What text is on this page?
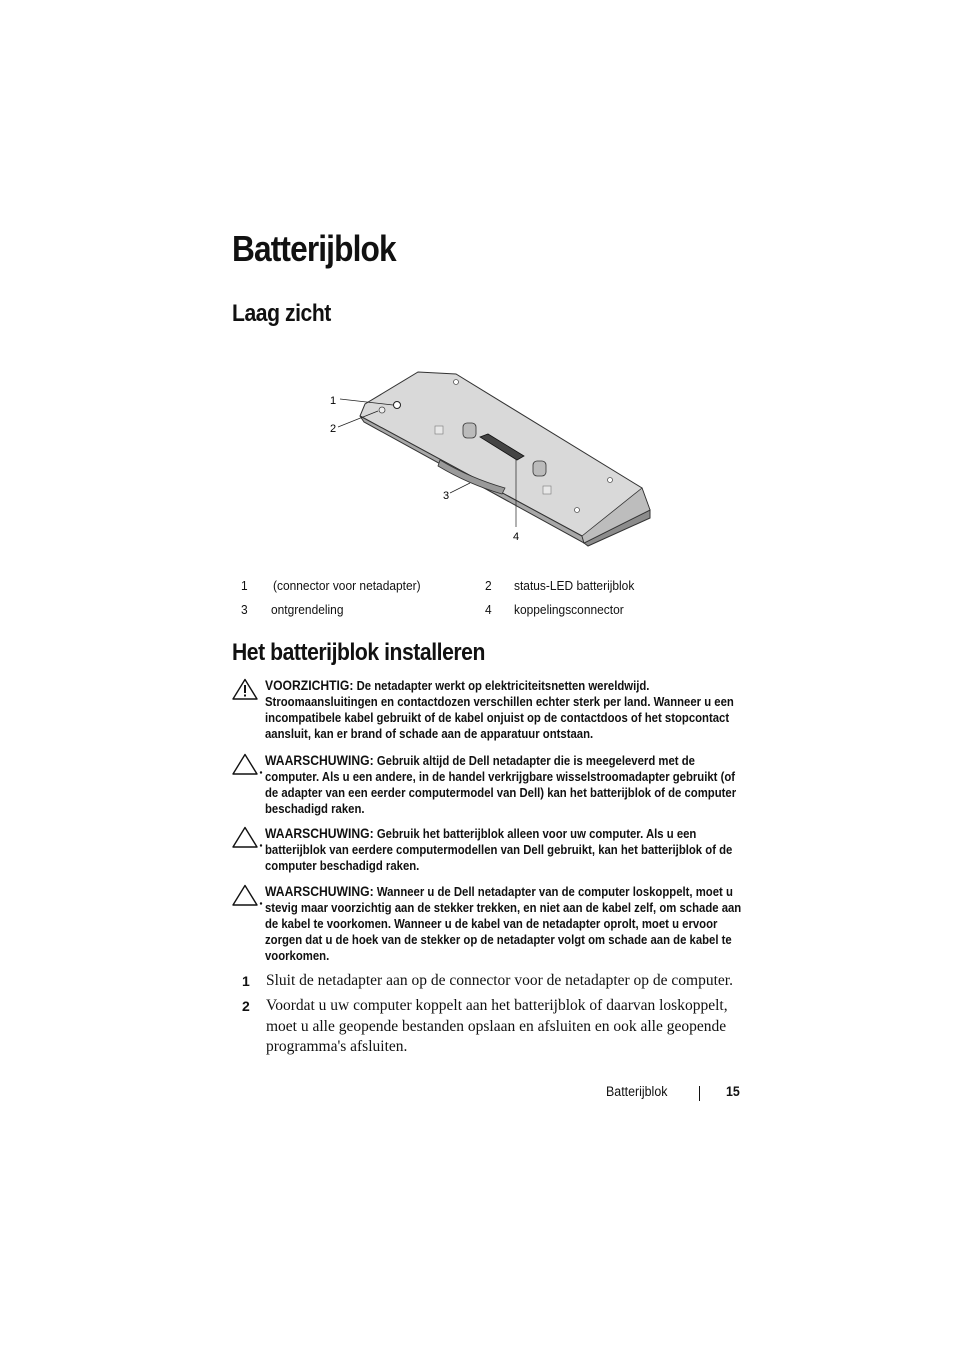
Batterijblok
Laag zicht
1
2
3
4
1 (connector voor netadapter)	2 status-LED batterijblok
3 ontgrendeling	4 koppelingsconnector
Het batterijblok installeren
VOORZICHTIG: De netadapter werkt op elektriciteitsnetten wereldwijd. Stroomaansluitingen en contactdozen verschillen echter sterk per land. Wanneer u een incompatibele kabel gebruikt of de kabel onjuist op de contactdoos of het stopcontact aansluit, kan er brand of schade aan de apparatuur ontstaan.
WAARSCHUWING: Gebruik altijd de Dell netadapter die is meegeleverd met de computer. Als u een andere, in de handel verkrijgbare wisselstroomadapter gebruikt (of de adapter van een eerder computermodel van Dell) kan het batterijblok of de computer beschadigd raken.
WAARSCHUWING: Gebruik het batterijblok alleen voor uw computer. Als u een batterijblok van eerdere computermodellen van Dell gebruikt, kan het batterijblok of de computer beschadigd raken.
WAARSCHUWING: Wanneer u de Dell netadapter van de computer loskoppelt, moet u stevig maar voorzichtig aan de stekker trekken, en niet aan de kabel zelf, om schade aan de kabel te voorkomen. Wanneer u de kabel van de netadapter oprolt, moet u ervoor zorgen dat u de hoek van de stekker op de netadapter volgt om schade aan de kabel te voorkomen.
1 Sluit de netadapter aan op de connector voor de netadapter op de computer.
2 Voordat u uw computer koppelt aan het batterijblok of daarvan loskoppelt, moet u alle geopende bestanden opslaan en afsluiten en ook alle geopende programma's afsluiten.
Batterijblok	15
